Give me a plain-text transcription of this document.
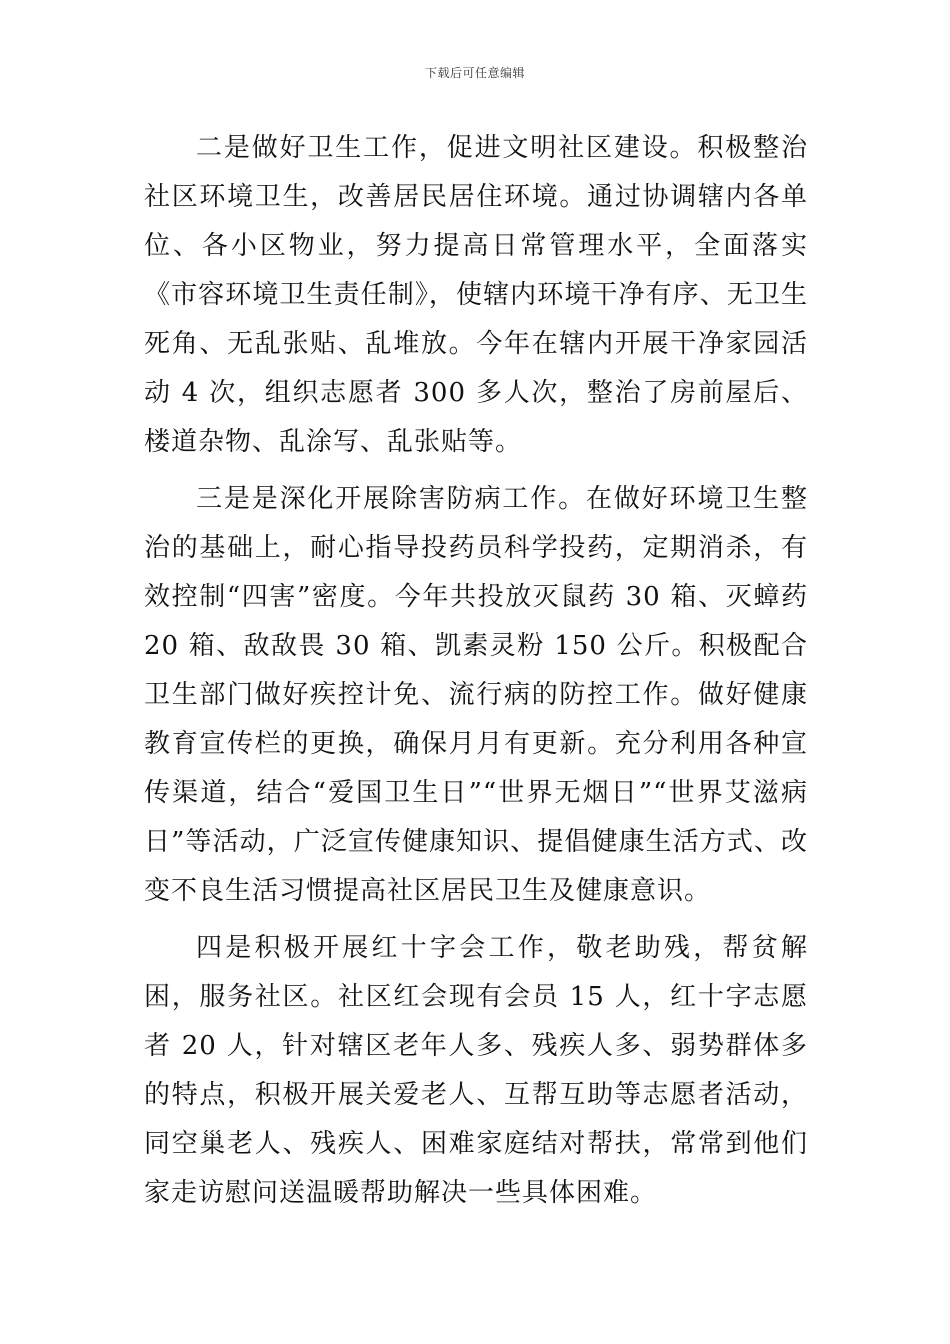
下载后可任意编辑

二是做好卫生工作，促进文明社区建设。积极整治社区环境卫生，改善居民居住环境。通过协调辖内各单位、各小区物业，努力提高日常管理水平，全面落实《市容环境卫生责任制》，使辖内环境干净有序、无卫生死角、无乱张贴、乱堆放。今年在辖内开展干净家园活动 4 次，组织志愿者 300 多人次，整治了房前屋后、楼道杂物、乱涂写、乱张贴等。

三是是深化开展除害防病工作。在做好环境卫生整治的基础上，耐心指导投药员科学投药，定期消杀，有效控制“四害”密度。今年共投放灭鼠药 30 箱、灭蟑药 20 箱、敌敌畏 30 箱、凯素灵粉 150 公斤。积极配合卫生部门做好疾控计免、流行病的防控工作。做好健康教育宣传栏的更换，确保月月有更新。充分利用各种宣传渠道，结合“爱国卫生日”“世界无烟日”“世界艾滋病日”等活动，广泛宣传健康知识、提倡健康生活方式、改变不良生活习惯提高社区居民卫生及健康意识。

四是积极开展红十字会工作，敬老助残，帮贫解困，服务社区。社区红会现有会员 15 人，红十字志愿者 20 人，针对辖区老年人多、残疾人多、弱势群体多的特点，积极开展关爱老人、互帮互助等志愿者活动，同空巢老人、残疾人、困难家庭结对帮扶，常常到他们家走访慰问送温暖帮助解决一些具体困难。
